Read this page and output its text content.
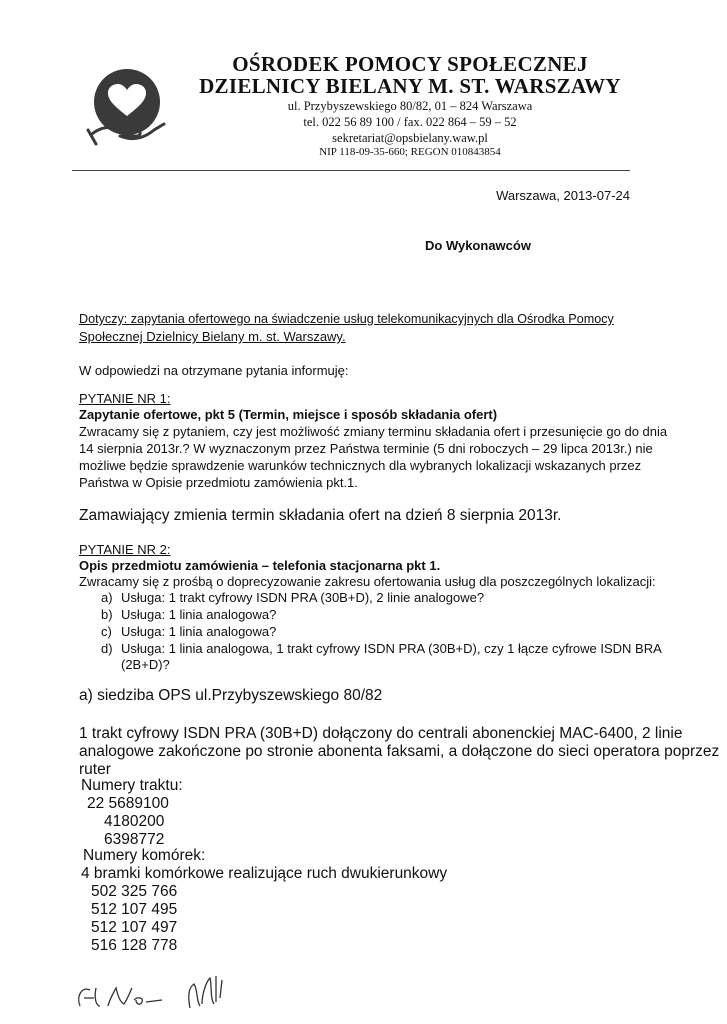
OŚRODEK POMOCY SPOŁECZNEJ
DZIELNICY BIELANY M. ST. WARSZAWY
ul. Przybyszewskiego 80/82, 01 – 824 Warszawa
tel. 022 56 89 100 / fax. 022 864 – 59 – 52
sekretariat@opsbielany.waw.pl
NIP 118-09-35-660; REGON 010843854
Warszawa, 2013-07-24
Do Wykonawców
Dotyczy: zapytania ofertowego na świadczenie usług telekomunikacyjnych dla Ośrodka Pomocy
Społecznej Dzielnicy Bielany m. st. Warszawy.
W odpowiedzi na otrzymane pytania informuję:
PYTANIE NR 1:
Zapytanie ofertowe, pkt 5 (Termin, miejsce i sposób składania ofert)
Zwracamy się z pytaniem, czy jest możliwość zmiany terminu składania ofert i przesunięcie go do dnia
14 sierpnia 2013r.? W wyznaczonym przez Państwa terminie (5 dni roboczych – 29 lipca 2013r.) nie
możliwe będzie sprawdzenie warunków technicznych dla wybranych lokalizacji wskazanych przez
Państwa w Opisie przedmiotu zamówienia pkt.1.
Zamawiający zmienia termin składania ofert na dzień 8 sierpnia 2013r.
PYTANIE NR 2:
Opis przedmiotu zamówienia – telefonia stacjonarna pkt 1.
Zwracamy się z prośbą o doprecyzowanie zakresu ofertowania usług dla poszczególnych lokalizacji:
a) Usługa: 1 trakt cyfrowy ISDN PRA (30B+D), 2 linie analogowe?
b) Usługa: 1 linia analogowa?
c) Usługa: 1 linia analogowa?
d) Usługa: 1 linia analogowa, 1 trakt cyfrowy ISDN PRA (30B+D), czy 1 łącze cyfrowe ISDN BRA
(2B+D)?
a) siedziba OPS ul.Przybyszewskiego 80/82
1 trakt cyfrowy ISDN PRA (30B+D) dołączony do centrali abonenckiej MAC-6400, 2 linie
analogowe zakończone po stronie abonenta faksami, a dołączone do sieci operatora poprzez
ruter
Numery traktu:
22 5689100
4180200
6398772
Numery komórek:
4 bramki komórkowe realizujące ruch dwukierunkowy
502 325 766
512 107 495
512 107 497
516 128 778
